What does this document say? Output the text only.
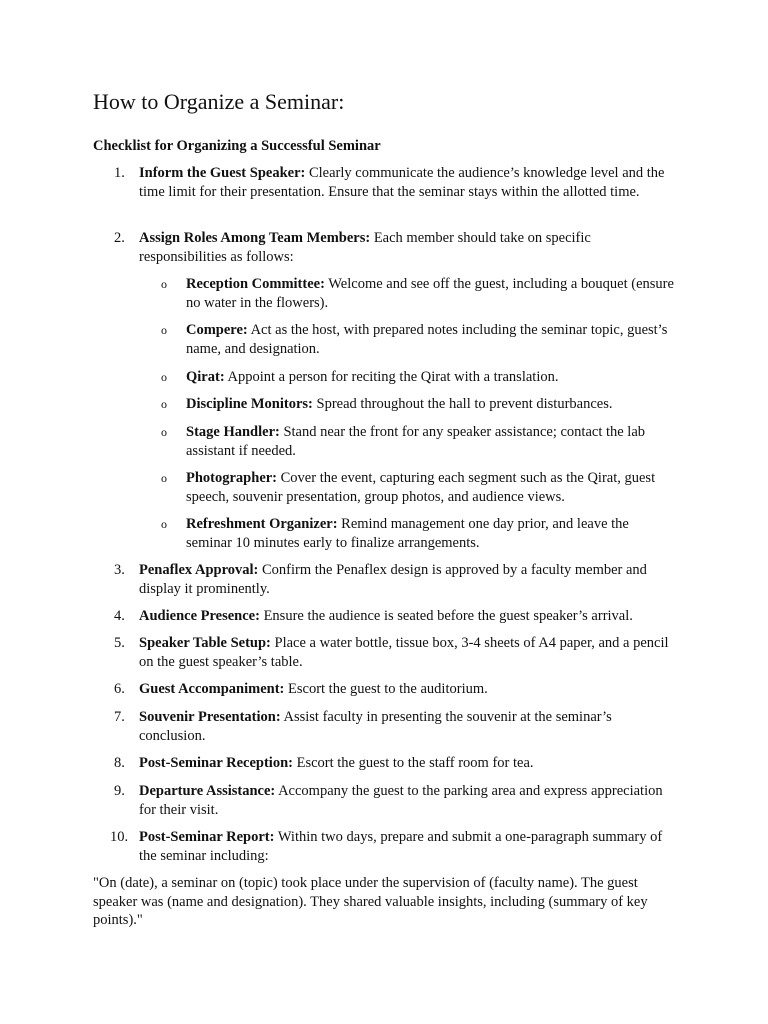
How to Organize a Seminar:
Checklist for Organizing a Successful Seminar
1. Inform the Guest Speaker: Clearly communicate the audience’s knowledge level and the time limit for their presentation. Ensure that the seminar stays within the allotted time.
2. Assign Roles Among Team Members: Each member should take on specific responsibilities as follows:
o Reception Committee: Welcome and see off the guest, including a bouquet (ensure no water in the flowers).
o Compere: Act as the host, with prepared notes including the seminar topic, guest’s name, and designation.
o Qirat: Appoint a person for reciting the Qirat with a translation.
o Discipline Monitors: Spread throughout the hall to prevent disturbances.
o Stage Handler: Stand near the front for any speaker assistance; contact the lab assistant if needed.
o Photographer: Cover the event, capturing each segment such as the Qirat, guest speech, souvenir presentation, group photos, and audience views.
o Refreshment Organizer: Remind management one day prior, and leave the seminar 10 minutes early to finalize arrangements.
3. Penaflex Approval: Confirm the Penaflex design is approved by a faculty member and display it prominently.
4. Audience Presence: Ensure the audience is seated before the guest speaker’s arrival.
5. Speaker Table Setup: Place a water bottle, tissue box, 3-4 sheets of A4 paper, and a pencil on the guest speaker’s table.
6. Guest Accompaniment: Escort the guest to the auditorium.
7. Souvenir Presentation: Assist faculty in presenting the souvenir at the seminar’s conclusion.
8. Post-Seminar Reception: Escort the guest to the staff room for tea.
9. Departure Assistance: Accompany the guest to the parking area and express appreciation for their visit.
10. Post-Seminar Report: Within two days, prepare and submit a one-paragraph summary of the seminar including:
"On (date), a seminar on (topic) took place under the supervision of (faculty name). The guest speaker was (name and designation). They shared valuable insights, including (summary of key points)."
